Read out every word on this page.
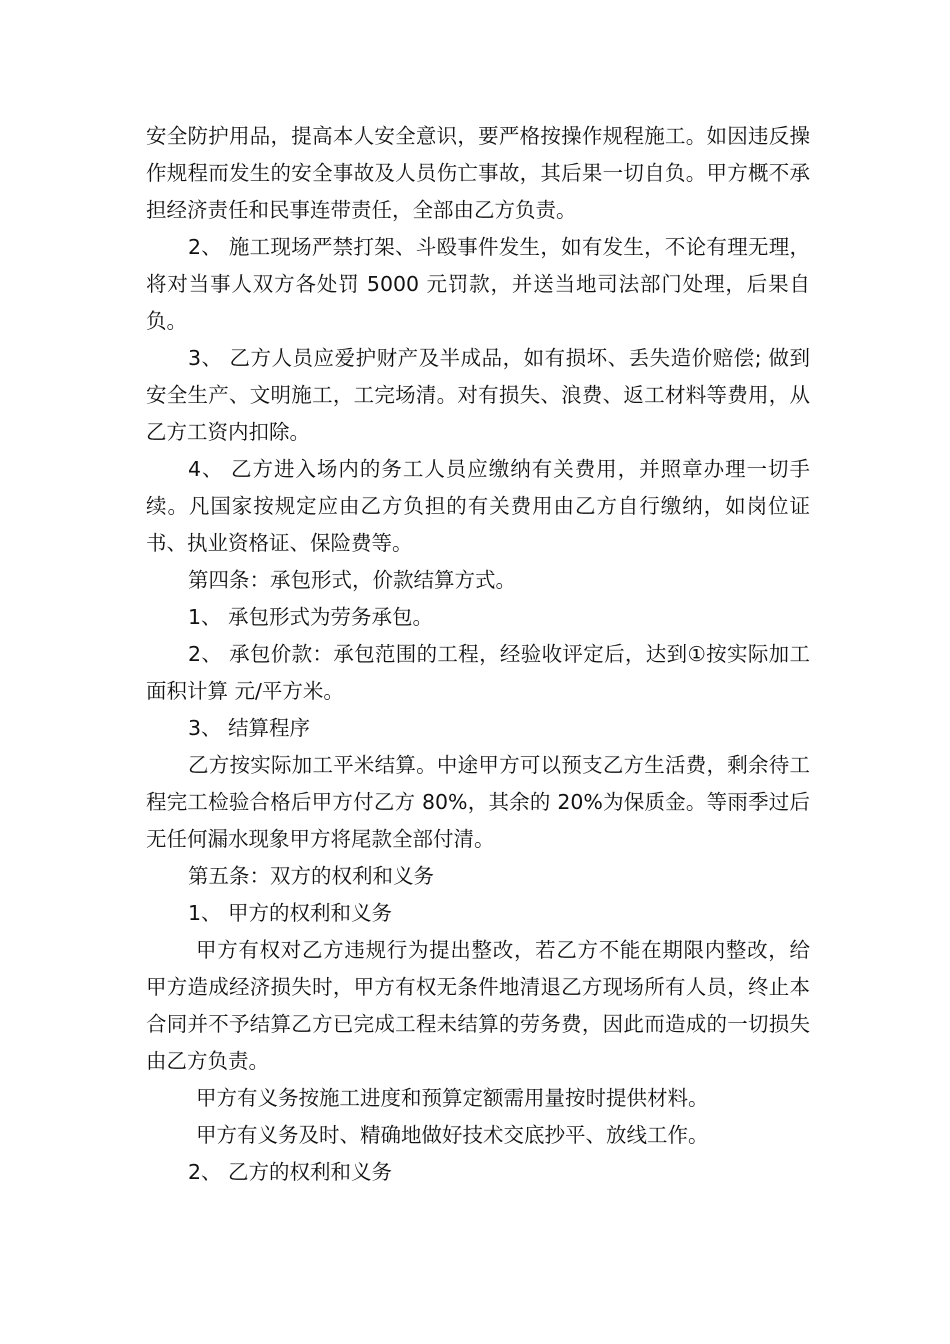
安全防护用品，提高本人安全意识，要严格按操作规程施工。如因违反操作规程而发生的安全事故及人员伤亡事故，其后果一切自负。甲方概不承担经济责任和民事连带责任，全部由乙方负责。

2、 施工现场严禁打架、斗殴事件发生，如有发生，不论有理无理，将对当事人双方各处罚 5000 元罚款，并送当地司法部门处理，后果自负。

3、 乙方人员应爱护财产及半成品，如有损坏、丢失造价赔偿; 做到安全生产、文明施工，工完场清。对有损失、浪费、返工材料等费用，从乙方工资内扣除。

4、 乙方进入场内的务工人员应缴纳有关费用，并照章办理一切手续。凡国家按规定应由乙方负担的有关费用由乙方自行缴纳，如岗位证书、执业资格证、保险费等。

第四条：承包形式，价款结算方式。

1、 承包形式为劳务承包。

2、 承包价款：承包范围的工程，经验收评定后，达到①按实际加工面积计算 元/平方米。

3、 结算程序

乙方按实际加工平米结算。中途甲方可以预支乙方生活费，剩余待工程完工检验合格后甲方付乙方 80%，其余的 20%为保质金。等雨季过后无任何漏水现象甲方将尾款全部付清。

第五条：双方的权利和义务

1、 甲方的权利和义务

甲方有权对乙方违规行为提出整改，若乙方不能在期限内整改，给甲方造成经济损失时，甲方有权无条件地清退乙方现场所有人员，终止本合同并不予结算乙方已完成工程未结算的劳务费，因此而造成的一切损失由乙方负责。

甲方有义务按施工进度和预算定额需用量按时提供材料。

甲方有义务及时、精确地做好技术交底抄平、放线工作。

2、 乙方的权利和义务
